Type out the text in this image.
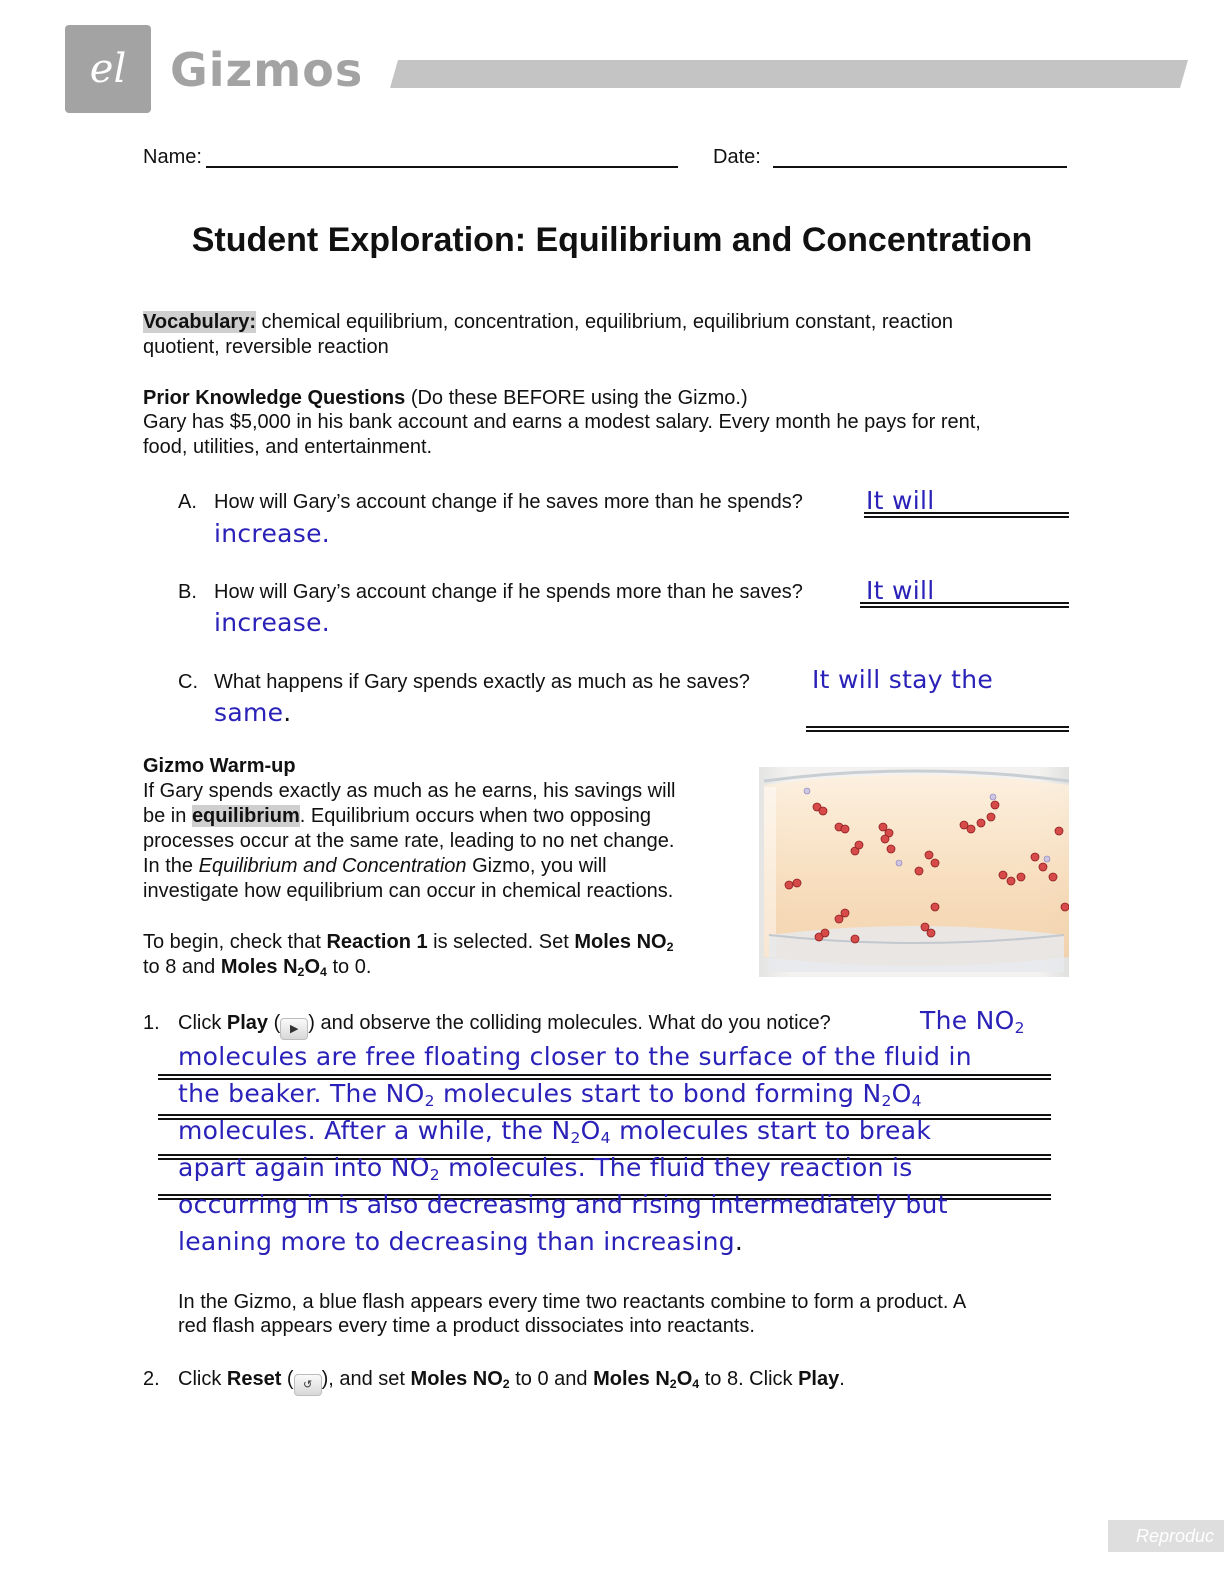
el Gizmos
Name:	Date:
Student Exploration: Equilibrium and Concentration
Vocabulary: chemical equilibrium, concentration, equilibrium, equilibrium constant, reaction
quotient, reversible reaction
Prior Knowledge Questions (Do these BEFORE using the Gizmo.)
Gary has $5,000 in his bank account and earns a modest salary. Every month he pays for rent,
food, utilities, and entertainment.
A. How will Gary’s account change if he saves more than he spends?	It will
increase.
B. How will Gary’s account change if he spends more than he saves?	It will
increase.
C. What happens if Gary spends exactly as much as he saves? It will stay the
same.
Gizmo Warm-up
If Gary spends exactly as much as he earns, his savings will
be in equilibrium. Equilibrium occurs when two opposing
processes occur at the same rate, leading to no net change.
In the Equilibrium and Concentration Gizmo, you will
investigate how equilibrium can occur in chemical reactions.
To begin, check that Reaction 1 is selected. Set Moles $NO_2$
to 8 and Moles $N_2O_4$ to 0.
1. Click Play ( ▶ ) and observe the colliding molecules. What do you notice?	The $NO_2$
molecules are free floating closer to the surface of the fluid in
the beaker. The $NO_2$ molecules start to bond forming $N_2O_4$
molecules. After a while, the $N_2O_4$ molecules start to break
apart again into $NO_2$ molecules. The fluid they reaction is
occurring in is also decreasing and rising intermediately but
leaning more to decreasing than increasing.
In the Gizmo, a blue flash appears every time two reactants combine to form a product. A
red flash appears every time a product dissociates into reactants.
2. Click Reset ( ↺ ), and set Moles $NO_2$ to 0 and Moles $N_2O_4$ to 8. Click Play.
Reproduc
